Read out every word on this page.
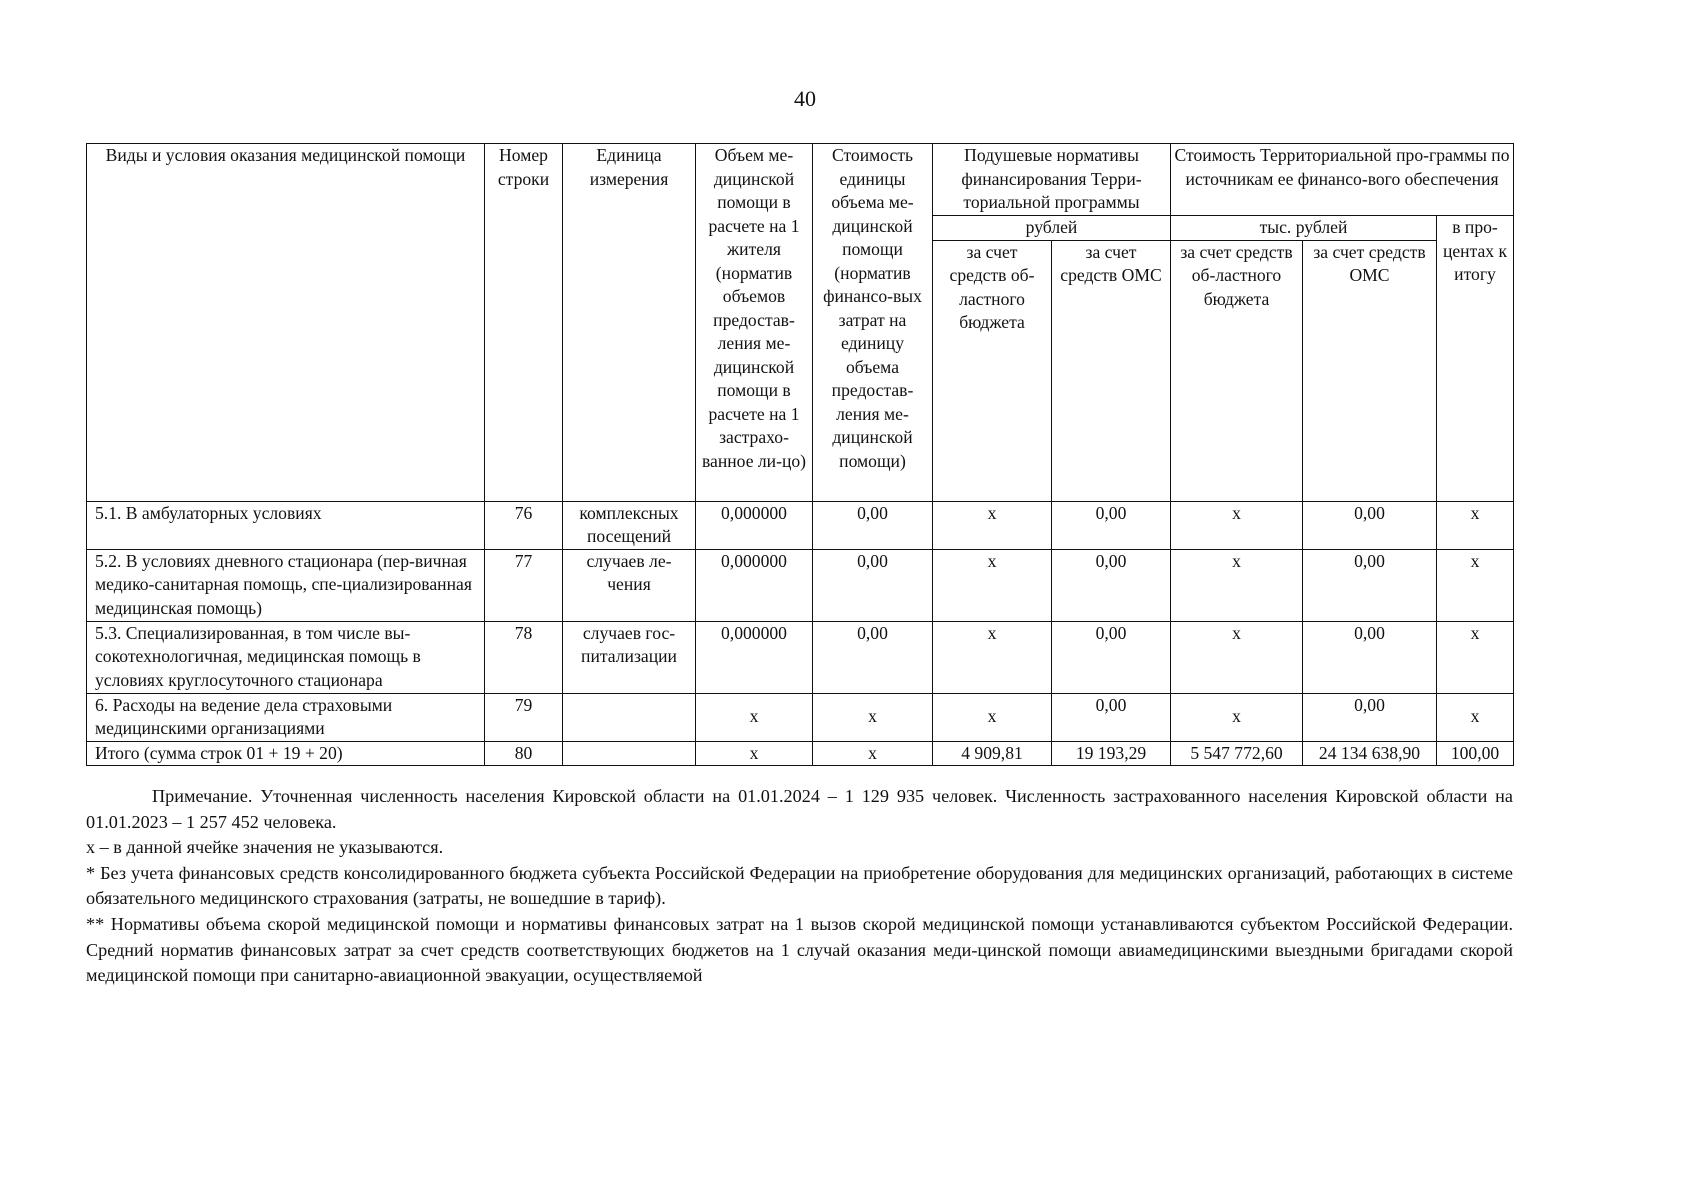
40
Виды и условия оказания медицинской помощи	Номер строки	Единица измерения	Объем ме-дицинской помощи в расчете на 1 жителя (норматив объемов предостав-ления ме-дицинской помощи в расчете на 1 застрахо-ванное ли-цо)	Стоимость единицы объема ме-дицинской помощи (норматив финансо-вых затрат на единицу объема предостав-ления ме-дицинской помощи)	Подушевые нормативы финансирования Терри-ториальной программы		Стоимость Территориальной про-граммы по источникам ее финансо-вого обеспечения		
					рублей		тыс. рублей		в про-центах к итогу
					за счет средств об-ластного бюджета	за счет средств ОМС	за счет средств об-ластного бюджета	за счет средств ОМС	
5.1. В амбулаторных условиях	76	комплексных посещений	0,000000	0,00	x	0,00	x	0,00	x
5.2. В условиях дневного стационара (пер-вичная медико-санитарная помощь, спе-циализированная медицинская помощь)	77	случаев ле-чения	0,000000	0,00	x	0,00	x	0,00	x
5.3. Специализированная, в том числе вы-сокотехнологичная, медицинская помощь в условиях круглосуточного стационара	78	случаев гос-питализации	0,000000	0,00	x	0,00	x	0,00	x
6. Расходы на ведение дела страховыми медицинскими организациями	79		x	x	x	0,00	x	0,00	x
Итого (сумма строк 01 + 19 + 20)	80		x	x	4 909,81	19 193,29	5 547 772,60	24 134 638,90	100,00

Примечание. Уточненная численность населения Кировской области на 01.01.2024 – 1 129 935 человек. Численность застрахованного населения Кировской области на 01.01.2023 – 1 257 452 человека.

x – в данной ячейке значения не указываются.

* Без учета финансовых средств консолидированного бюджета субъекта Российской Федерации на приобретение оборудования для медицинских организаций, работающих в системе обязательного медицинского страхования (затраты, не вошедшие в тариф).

** Нормативы объема скорой медицинской помощи и нормативы финансовых затрат на 1 вызов скорой медицинской помощи устанавливаются субъектом Российской Федерации. Средний норматив финансовых затрат за счет средств соответствующих бюджетов на 1 случай оказания меди-цинской помощи авиамедицинскими выездными бригадами скорой медицинской помощи при санитарно-авиационной эвакуации, осуществляемой
